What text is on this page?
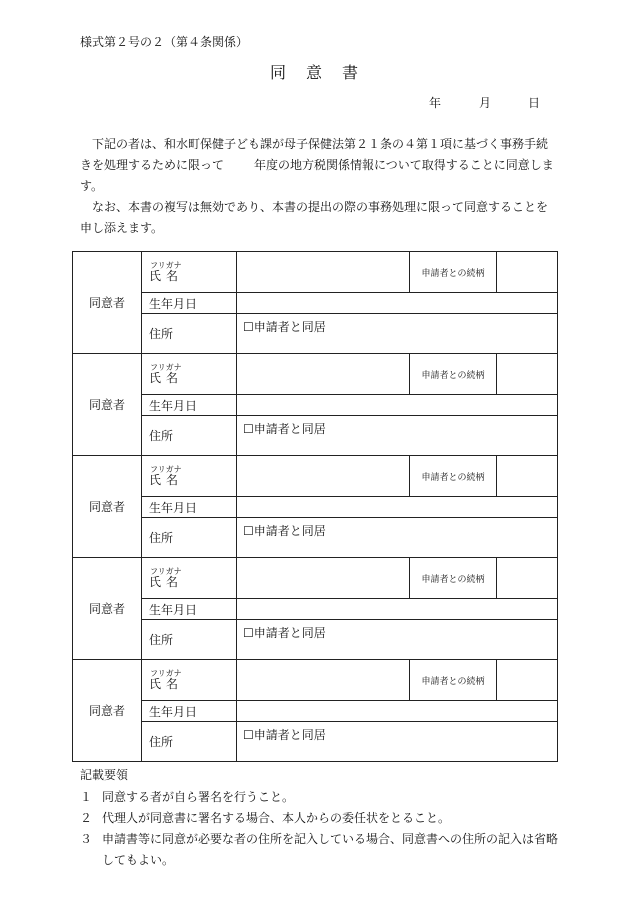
様式第２号の２（第４条関係）
同　意　書
年	月	日

下記の者は、和水町保健子ども課が母子保健法第２１条の４第１項に基づく事務手続きを処理するために限って	年度の地方税関係情報について取得することに同意します。

なお、本書の複写は無効であり、本書の提出の際の事務処理に限って同意することを申し添えます。

同意者	フリガナ
氏名		申請者との続柄	
	生年月日			
	住所	☐申請者と同居		
同意者	フリガナ
氏名		申請者との続柄	
	生年月日			
	住所	☐申請者と同居		
同意者	フリガナ
氏名		申請者との続柄	
	生年月日			
	住所	☐申請者と同居		
同意者	フリガナ
氏名		申請者との続柄	
	生年月日			
	住所	☐申請者と同居		
同意者	フリガナ
氏名		申請者との続柄	
	生年月日			
	住所	☐申請者と同居		
記載要領
１ 同意する者が自ら署名を行うこと。
２ 代理人が同意書に署名する場合、本人からの委任状をとること。
３ 申請書等に同意が必要な者の住所を記入している場合、同意書への住所の記入は省略してもよい。
